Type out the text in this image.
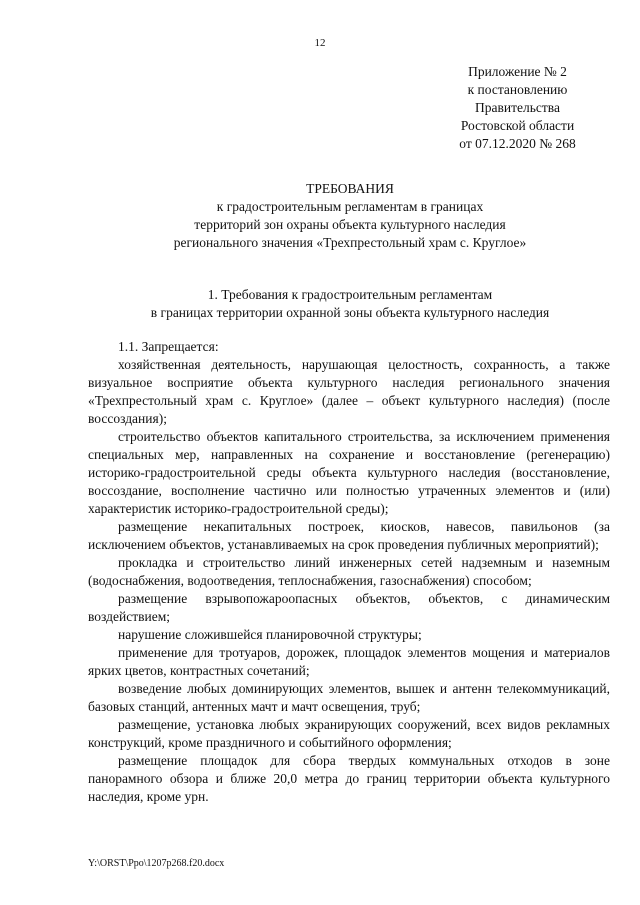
12
Приложение № 2
к постановлению
Правительства
Ростовской области
от 07.12.2020 № 268
ТРЕБОВАНИЯ
к градостроительным регламентам в границах
территорий зон охраны объекта культурного наследия
регионального значения «Трехпрестольный храм с. Круглое»
1. Требования к градостроительным регламентам
в границах территории охранной зоны объекта культурного наследия

1.1. Запрещается:

хозяйственная деятельность, нарушающая целостность, сохранность, а также визуальное восприятие объекта культурного наследия регионального значения «Трехпрестольный храм с. Круглое» (далее – объект культурного наследия) (после воссоздания);

строительство объектов капитального строительства, за исключением применения специальных мер, направленных на сохранение и восстановление (регенерацию) историко-градостроительной среды объекта культурного наследия (восстановление, воссоздание, восполнение частично или полностью утраченных элементов и (или) характеристик историко-градостроительной среды);

размещение некапитальных построек, киосков, навесов, павильонов (за исключением объектов, устанавливаемых на срок проведения публичных мероприятий);

прокладка и строительство линий инженерных сетей надземным и наземным (водоснабжения, водоотведения, теплоснабжения, газоснабжения) способом;

размещение взрывопожароопасных объектов, объектов, с динамическим воздействием;

нарушение сложившейся планировочной структуры;

применение для тротуаров, дорожек, площадок элементов мощения и материалов ярких цветов, контрастных сочетаний;

возведение любых доминирующих элементов, вышек и антенн телекоммуникаций, базовых станций, антенных мачт и мачт освещения, труб;

размещение, установка любых экранирующих сооружений, всех видов рекламных конструкций, кроме праздничного и событийного оформления;

размещение площадок для сбора твердых коммунальных отходов в зоне панорамного обзора и ближе 20,0 метра до границ территории объекта культурного наследия, кроме урн.

Y:\ORST\Ppo\1207p268.f20.docx
